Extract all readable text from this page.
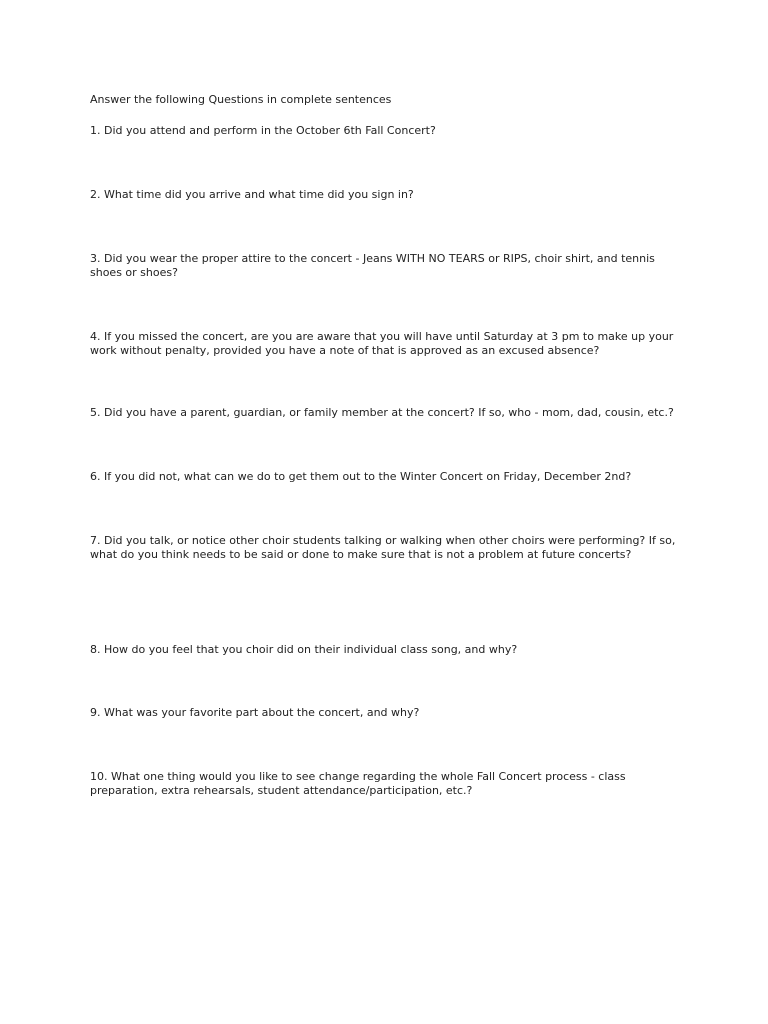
Answer the following Questions in complete sentences

1. Did you attend and perform in the October 6th Fall Concert?

2. What time did you arrive and what time did you sign in?

3. Did you wear the proper attire to the concert - Jeans WITH NO TEARS or RIPS, choir shirt, and tennis shoes or shoes?

4. If you missed the concert, are you are aware that you will have until Saturday at 3 pm to make up your work without penalty, provided you have a note of that is approved as an excused absence?

5. Did you have a parent, guardian, or family member at the concert? If so, who - mom, dad, cousin, etc.?

6. If you did not, what can we do to get them out to the Winter Concert on Friday, December 2nd?

7. Did you talk, or notice other choir students talking or walking when other choirs were performing? If so, what do you think needs to be said or done to make sure that is not a problem at future concerts?

8. How do you feel that you choir did on their individual class song, and why?

9. What was your favorite part about the concert, and why?

10. What one thing would you like to see change regarding the whole Fall Concert process - class preparation, extra rehearsals, student attendance/participation, etc.?
